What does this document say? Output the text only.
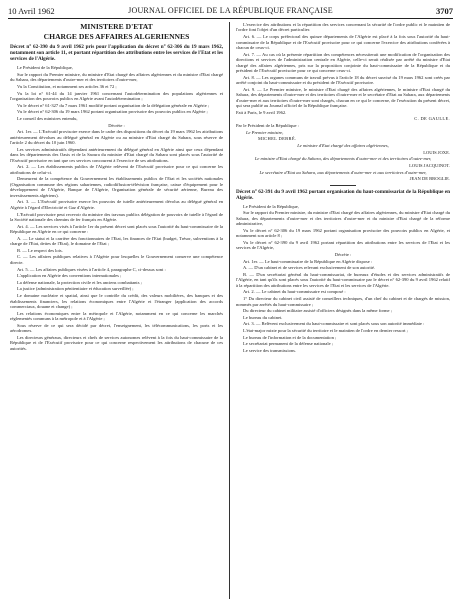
10 Avril 1962	JOURNAL OFFICIEL DE LA RÉPUBLIQUE FRANÇAISE	3707

MINISTERE D'ETAT

CHARGE DES AFFAIRES ALGERIENNES

Décret n° 62-390 du 9 avril 1962 pris pour l'application du décret n° 62-306 du 19 mars 1962, notamment son article 11, et portant répartition des attributions entre les services de l'Etat et les services de l'Algérie.

Le Président de la République,

Sur le rapport du Premier ministre, du ministre d'Etat chargé des affaires algériennes et du ministre d'Etat chargé du Sahara, des départements d'outre-mer et des territoires d'outre-mer,

Vu la Constitution, et notamment ses articles 36 et 72 ;

Vu la loi n° 61-44 du 14 janvier 1961 concernant l'autodétermination des populations algériennes et l'organisation des pouvoirs publics en Algérie avant l'autodétermination ;

Vu le décret n° 61-327 du 7 mars 1961 modifié portant organisation de la délégation générale en Algérie ;

Vu le décret n° 62-306 du 19 mars 1962 portant organisation provisoire des pouvoirs publics en Algérie ;

Le conseil des ministres entendu,

Décrète :

Art. 1er. — L'Exécutif provisoire exerce dans le cadre des dispositions du décret du 19 mars 1962 les attributions antérieurement dévolues au délégué général en Algérie ou au ministre d'Etat chargé du Sahara, sous réserve de l'article 2 du décret du 10 juin 1960.

Les services administratifs dépendant antérieurement du délégué général en Algérie ainsi que ceux dépendant dans les départements des Oasis et de la Saoura du ministre d'Etat chargé du Sahara sont placés sous l'autorité de l'Exécutif provisoire en tant que ces services concourent à l'exercice de ses attributions.

Art. 2. — Les établissements publics de l'Algérie relèvent de l'Exécutif provisoire pour ce qui concerne les attributions de celui-ci.

Demeurent de la compétence du Gouvernement les établissements publics de l'Etat et les sociétés nationales (Organisation commune des régions sahariennes, radiodiffusion-télévision française, caisse d'équipement pour le développement de l'Algérie, Banque de l'Algérie, Organisation générale de sécurité aérienne, Bureau des investissements algériens).

Art. 3. — L'Exécutif provisoire exerce les pouvoirs de tutelle antérieurement dévolus au délégué général en Algérie à l'égard d'Electricité et Gaz d'Algérie.

L'Exécutif provisoire peut recevoir du ministre des travaux publics délégation de pouvoirs de tutelle à l'égard de la Société nationale des chemins de fer français en Algérie.

Art. 4. — Les services visés à l'article 1er du présent décret sont placés sous l'autorité du haut-commissaire de la République en Algérie en ce qui concerne :

A. — Le statut et la carrière des fonctionnaires de l'Etat, les finances de l'Etat (budget, Trésor, subventions à la charge de l'Etat, dettes de l'Etat), le domaine de l'Etat ;

B. — Le respect des lois.

C. — Les affaires publiques relatives à l'Algérie pour lesquelles le Gouvernement conserve une compétence directe.

Art. 5. — Les affaires publiques visées à l'article 4, paragraphe C, ci-dessus sont :

L'application en Algérie des conventions internationales ;

La défense nationale, la protection civile et les anciens combattants ;

La justice (administration pénitentiaire et éducation surveillée) ;

Le domaine nucléaire et spatial, ainsi que le contrôle du crédit, des valeurs mobilières, des banques et des établissements financiers, les relations économiques entre l'Algérie et l'étranger (application des accords commerciaux, douane et change) ;

Les relations économiques entre la métropole et l'Algérie, notamment en ce qui concerne les marchés réglementés communs à la métropole et à l'Algérie ;

Sous réserve de ce qui sera décidé par décret, l'enseignement, les télécommunications, les ports et les aérodromes.

Les directeurs généraux, directeurs et chefs de services autonomes relèvent à la fois du haut-commissaire de la République et de l'Exécutif provisoire pour ce qui concerne respectivement les attributions de chacune de ces autorités.

L'exercice des attributions et la répartition des services concernant la sécurité de l'ordre public et le maintien de l'ordre font l'objet d'un décret particulier.

Art. 6. — Le corps préfectoral des quinze départements de l'Algérie est placé à la fois sous l'autorité du haut-commissaire de la République et de l'Exécutif provisoire pour ce qui concerne l'exercice des attributions conférées à chacun de ceux-ci.

Art. 7. — Au cas où la présente répartition des compétences nécessiterait une modification de l'organisation des directions et services de l'administration centrale en Algérie, celle-ci serait réalisée par arrêté du ministre d'Etat chargé des affaires algériennes, pris sur la proposition conjointe du haut-commissaire de la République et du président de l'Exécutif provisoire pour ce qui concerne ceux-ci.

Art. 8. — Les organes communs de travail prévus à l'article 18 du décret susvisé du 19 mars 1962 sont créés par arrêté conjoint du haut-commissaire et du président de l'Exécutif provisoire.

Art. 9. — Le Premier ministre, le ministre d'Etat chargé des affaires algériennes, le ministre d'Etat chargé du Sahara, des départements d'outre-mer et des territoires d'outre-mer et le secrétaire d'Etat au Sahara, aux départements d'outre-mer et aux territoires d'outre-mer sont chargés, chacun en ce qui le concerne, de l'exécution du présent décret, qui sera publié au Journal officiel de la République française.

Fait à Paris, le 9 avril 1962.

C. DE GAULLE.

Par le Président de la République :

Le Premier ministre,

MICHEL DEBRÉ.

Le ministre d'Etat chargé des affaires algériennes,

LOUIS JOXE.

Le ministre d'Etat chargé du Sahara, des départements d'outre-mer et des territoires d'outre-mer,

LOUIS JACQUINOT.

Le secrétaire d'Etat au Sahara, aux départements d'outre-mer et aux territoires d'outre-mer,

JEAN DE BROGLIE.

Décret n° 62-391 du 9 avril 1962 portant organisation du haut-commissariat de la République en Algérie.

Le Président de la République,

Sur le rapport du Premier ministre, du ministre d'Etat chargé des affaires algériennes, du ministre d'Etat chargé du Sahara, des départements d'outre-mer et des territoires d'outre-mer et du ministre d'Etat chargé de la réforme administrative,

Vu le décret n° 62-306 du 19 mars 1962 portant organisation provisoire des pouvoirs publics en Algérie, et notamment son article 8 ;

Vu le décret n° 62-390 du 9 avril 1962 portant répartition des attributions entre les services de l'Etat et les services de l'Algérie,

Décrète :

Art. 1er. — Le haut-commissaire de la République en Algérie dispose :

A. — D'un cabinet et de services relevant exclusivement de son autorité.

B. — D'un secrétariat général du haut-commissariat, de bureaux d'études et des services administratifs de l'Algérie, en tant qu'ils sont placés sous l'autorité du haut-commissaire par le décret n° 62-390 du 9 avril 1962 relatif à la répartition des attributions entre les services de l'Etat et les services de l'Algérie.

Art. 2. — Le cabinet du haut-commissaire est composé :

1° Du directeur du cabinet civil assisté de conseillers techniques, d'un chef du cabinet et de chargés de mission, nommés par arrêtés du haut-commissaire ;

Du directeur du cabinet militaire assisté d'officiers désignés dans la même forme ;

Le bureau du cabinet.

Art. 3. — Relèvent exclusivement du haut-commissaire et sont placés sous son autorité immédiate :

L'état-major mixte pour la sécurité du territoire et le maintien de l'ordre en dernier ressort ;

Le bureau de l'information et de la documentation ;

Le secrétariat permanent de la défense nationale ;

Le service des transmissions.
